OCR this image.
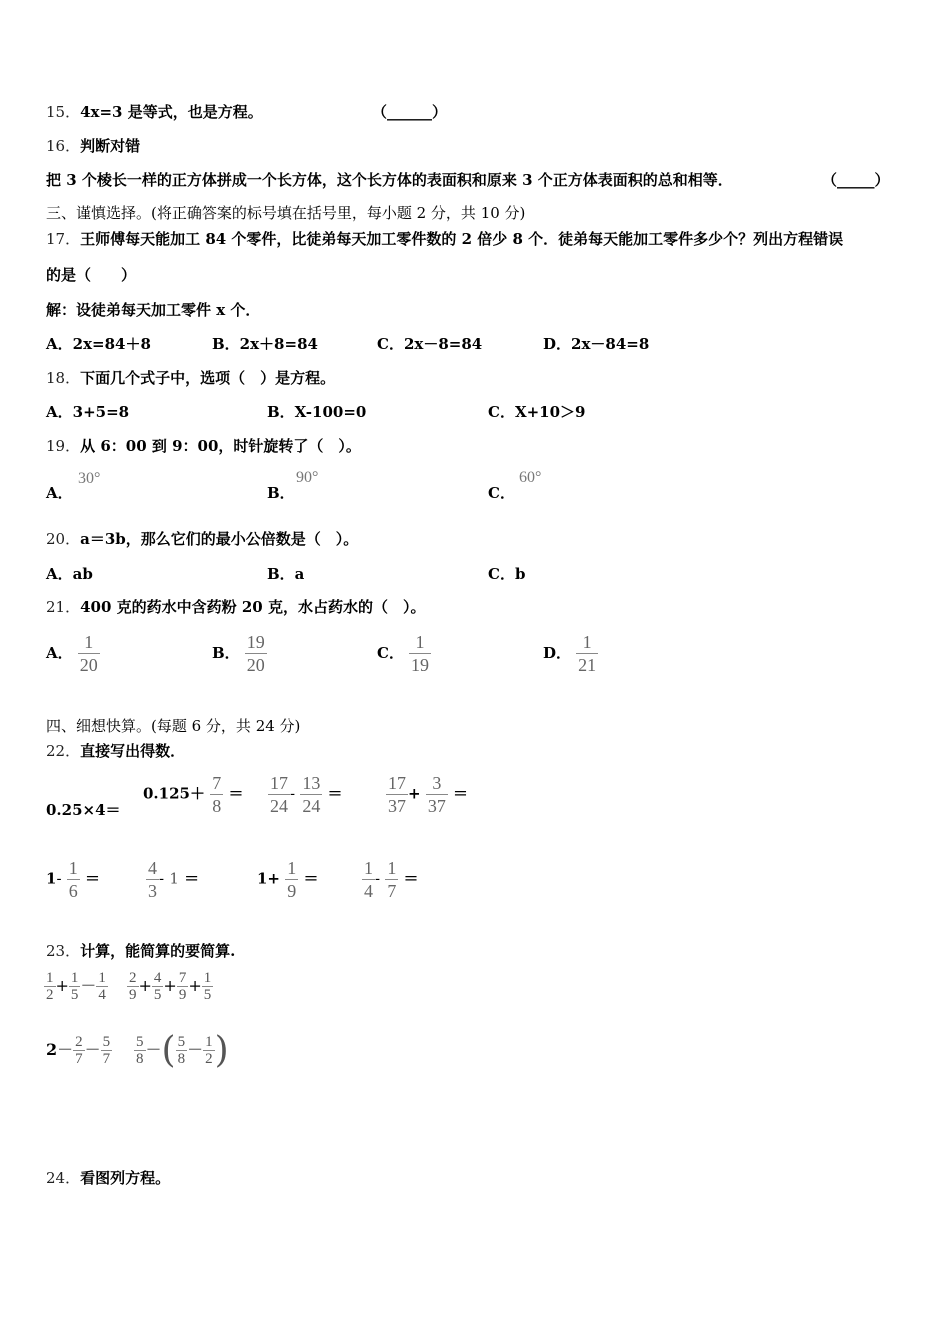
15．4x=3 是等式，也是方程。	（______）
16．判断对错
把 3 个棱长一样的正方体拼成一个长方体，这个长方体的表面积和原来 3 个正方体表面积的总和相等．	（_____）
三、谨慎选择。(将正确答案的标号填在括号里，每小题 2 分，共 10 分)
17．王师傅每天能加工 84 个零件，比徒弟每天加工零件数的 2 倍少 8 个．徒弟每天能加工零件多少个？列出方程错误
的是（　　）
解：设徒弟每天加工零件 x 个．
A．2x=84＋8	B．2x＋8=84	C．2x－8=84	D．2x－84=8
18．下面几个式子中，选项（　）是方程。
A．3+5=8	B．X-100=0	C．X+10＞9
19．从 6：00 到 9：00，时针旋转了（　）。
A．
30°
B．
90°
C．
60°
20．a＝3b，那么它们的最小公倍数是（　）。
A．ab	B．a	C．b
21．400 克的药水中含药粉 20 克，水占药水的（　）。
A． $\frac{1}{20}$	B． $\frac{19}{20}$	C． $\frac{1}{19}$	D． $\frac{1}{21}$
四、细想快算。(每题 6 分，共 24 分)
22．直接写出得数．
0.25×4＝
$0.125+ \frac{7}{8} = \frac{17}{24} - \frac{13}{24} = \frac{17}{37} + \frac{3}{37}$ ＝
$1- \frac{1}{6}$ ＝	$\frac{4}{3} - 1$ ＝	$1+ \frac{1}{9} = \frac{1}{4} - \frac{1}{7}$ ＝
23．计算，能简算的要简算.
$\frac{1}{2} + \frac{1}{5} - \frac{1}{4} \frac{2}{9} + \frac{4}{5} + \frac{7}{9} + \frac{1}{5}$
$2- \frac{2}{7} - \frac{5}{7} \frac{5}{8}$ －( $\frac{5}{8} - \frac{1}{2}$ )
24．看图列方程。
